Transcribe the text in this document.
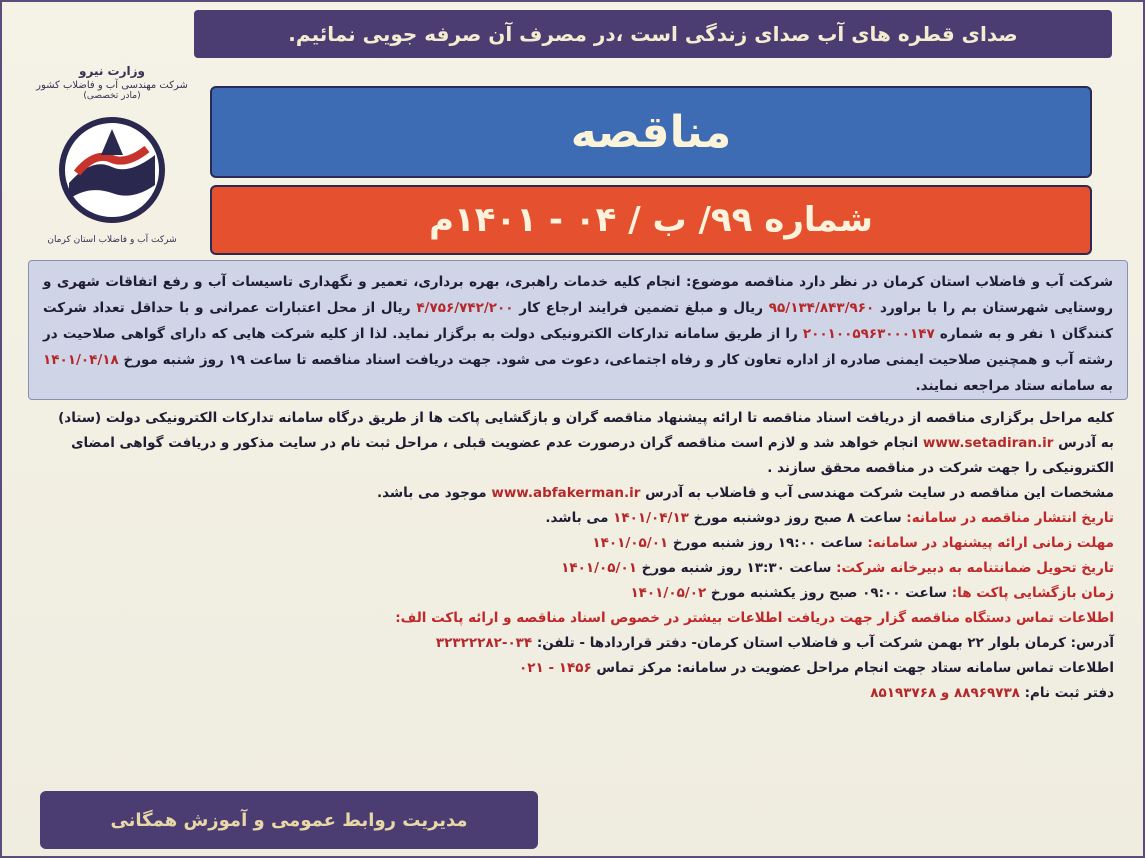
صدای قطره های آب صدای زندگی است ،در مصرف آن صرفه جویی نمائیم.
وزارت نیرو
شرکت مهندسی آب و فاضلاب کشور
(مادر تخصصی)
شرکت آب و فاضلاب استان کرمان
مناقصه
شماره ۹۹/ ب / ۰۴ - ۱۴۰۱م
شرکت آب و فاضلاب استان کرمان در نظر دارد مناقصه موضوع: انجام کلیه خدمات راهبری، بهره برداری، تعمیر و نگهداری تاسیسات آب و رفع اتفاقات شهری و روستایی شهرستان بم را با براورد ۹۵/۱۳۴/۸۴۳/۹۶۰ ریال و مبلغ تضمین فرایند ارجاع کار ۴/۷۵۶/۷۴۲/۲۰۰ ریال از محل اعتبارات عمرانی و با حداقل تعداد شرکت کنندگان ۱ نفر و به شماره ۲۰۰۱۰۰۵۹۶۳۰۰۰۱۴۷ را از طریق سامانه تدارکات الکترونیکی دولت به برگزار نماید. لذا از کلیه شرکت هایی که دارای گواهی صلاحیت در رشته آب و همچنین صلاحیت ایمنی صادره از اداره تعاون کار و رفاه اجتماعی، دعوت می شود. جهت دریافت اسناد مناقصه تا ساعت ۱۹ روز شنبه مورخ ۱۴۰۱/۰۴/۱۸ به سامانه ستاد مراجعه نمایند.

کلیه مراحل برگزاری مناقصه از دریافت اسناد مناقصه تا ارائه پیشنهاد مناقصه گران و بازگشایی پاکت ها از طریق درگاه سامانه تدارکات الکترونیکی دولت (ستاد) به آدرس www.setadiran.ir انجام خواهد شد و لازم است مناقصه گران درصورت عدم عضویت قبلی ، مراحل ثبت نام در سایت مذکور و دریافت گواهی امضای الکترونیکی را جهت شرکت در مناقصه محقق سازند .

مشخصات این مناقصه در سایت شرکت مهندسی آب و فاضلاب به آدرس www.abfakerman.ir موجود می باشد.

تاریخ انتشار مناقصه در سامانه: ساعت ۸ صبح روز دوشنبه مورخ ۱۴۰۱/۰۴/۱۳ می باشد.

مهلت زمانی ارائه پیشنهاد در سامانه: ساعت ۱۹:۰۰ روز شنبه مورخ ۱۴۰۱/۰۵/۰۱

تاریخ تحویل ضمانتنامه به دبیرخانه شرکت: ساعت ۱۳:۳۰ روز شنبه مورخ ۱۴۰۱/۰۵/۰۱

زمان بازگشایی پاکت ها: ساعت ۰۹:۰۰ صبح روز یکشنبه مورخ ۱۴۰۱/۰۵/۰۲

اطلاعات تماس دستگاه مناقصه گزار جهت دریافت اطلاعات بیشتر در خصوص اسناد مناقصه و ارائه پاکت الف:

آدرس: کرمان بلوار ۲۲ بهمن شرکت آب و فاضلاب استان کرمان- دفتر قراردادها - تلفن: ۰۳۴-۳۲۳۲۲۲۸۲

اطلاعات تماس سامانه ستاد جهت انجام مراحل عضویت در سامانه: مرکز تماس ۱۴۵۶ - ۰۲۱

دفتر ثبت نام: ۸۸۹۶۹۷۳۸ و ۸۵۱۹۳۷۶۸

مدیریت روابط عمومی و آموزش همگانی
